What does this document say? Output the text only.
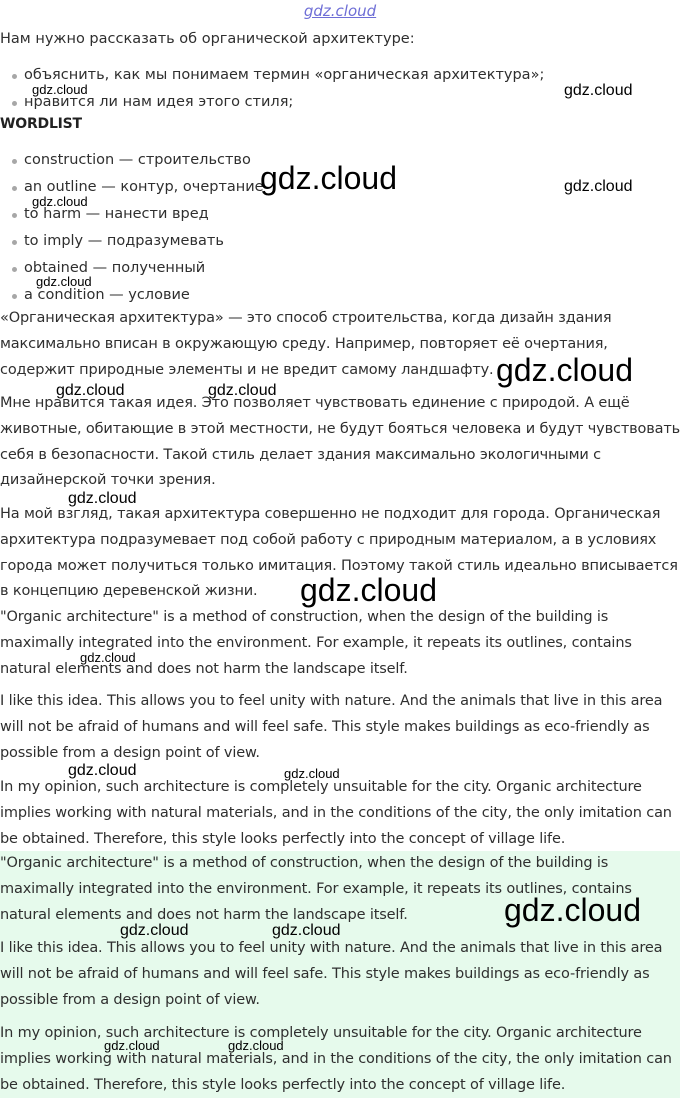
gdz.cloud
Нам нужно рассказать об органической архитектуре:
объяснить, как мы понимаем термин «органическая архитектура»;
нравится ли нам идея этого стиля;
WORDLIST
construction — строительство
an outline — контур, очертание
to harm — нанести вред
to imply — подразумевать
obtained — полученный
a condition — условие
«Органическая архитектура» — это способ строительства, когда дизайн здания максимально вписан в окружающую среду. Например, повторяет её очертания, содержит природные элементы и не вредит самому ландшафту.
Мне нравится такая идея. Это позволяет чувствовать единение с природой. А ещё животные, обитающие в этой местности, не будут бояться человека и будут чувствовать себя в безопасности. Такой стиль делает здания максимально экологичными с дизайнерской точки зрения.
На мой взгляд, такая архитектура совершенно не подходит для города. Органическая архитектура подразумевает под собой работу с природным материалом, а в условиях города может получиться только имитация. Поэтому такой стиль идеально вписывается в концепцию деревенской жизни.
"Organic architecture" is a method of construction, when the design of the building is maximally integrated into the environment. For example, it repeats its outlines, contains natural elements and does not harm the landscape itself.
I like this idea. This allows you to feel unity with nature. And the animals that live in this area will not be afraid of humans and will feel safe. This style makes buildings as eco-friendly as possible from a design point of view.
In my opinion, such architecture is completely unsuitable for the city. Organic architecture implies working with natural materials, and in the conditions of the city, the only imitation can be obtained. Therefore, this style looks perfectly into the concept of village life.
"Organic architecture" is a method of construction, when the design of the building is maximally integrated into the environment. For example, it repeats its outlines, contains natural elements and does not harm the landscape itself.
I like this idea. This allows you to feel unity with nature. And the animals that live in this area will not be afraid of humans and will feel safe. This style makes buildings as eco-friendly as possible from a design point of view.
In my opinion, such architecture is completely unsuitable for the city. Organic architecture implies working with natural materials, and in the conditions of the city, the only imitation can be obtained. Therefore, this style looks perfectly into the concept of village life.
gdz.cloud	gdz.cloud
gdz.cloud	gdz.cloud
gdz.cloud
gdz.cloud
gdz.cloud
gdz.cloud	gdz.cloud
gdz.cloud
gdz.cloud
gdz.cloud
gdz.cloud	gdz.cloud
gdz.cloud
gdz.cloud	gdz.cloud
gdz.cloud	gdz.cloud
